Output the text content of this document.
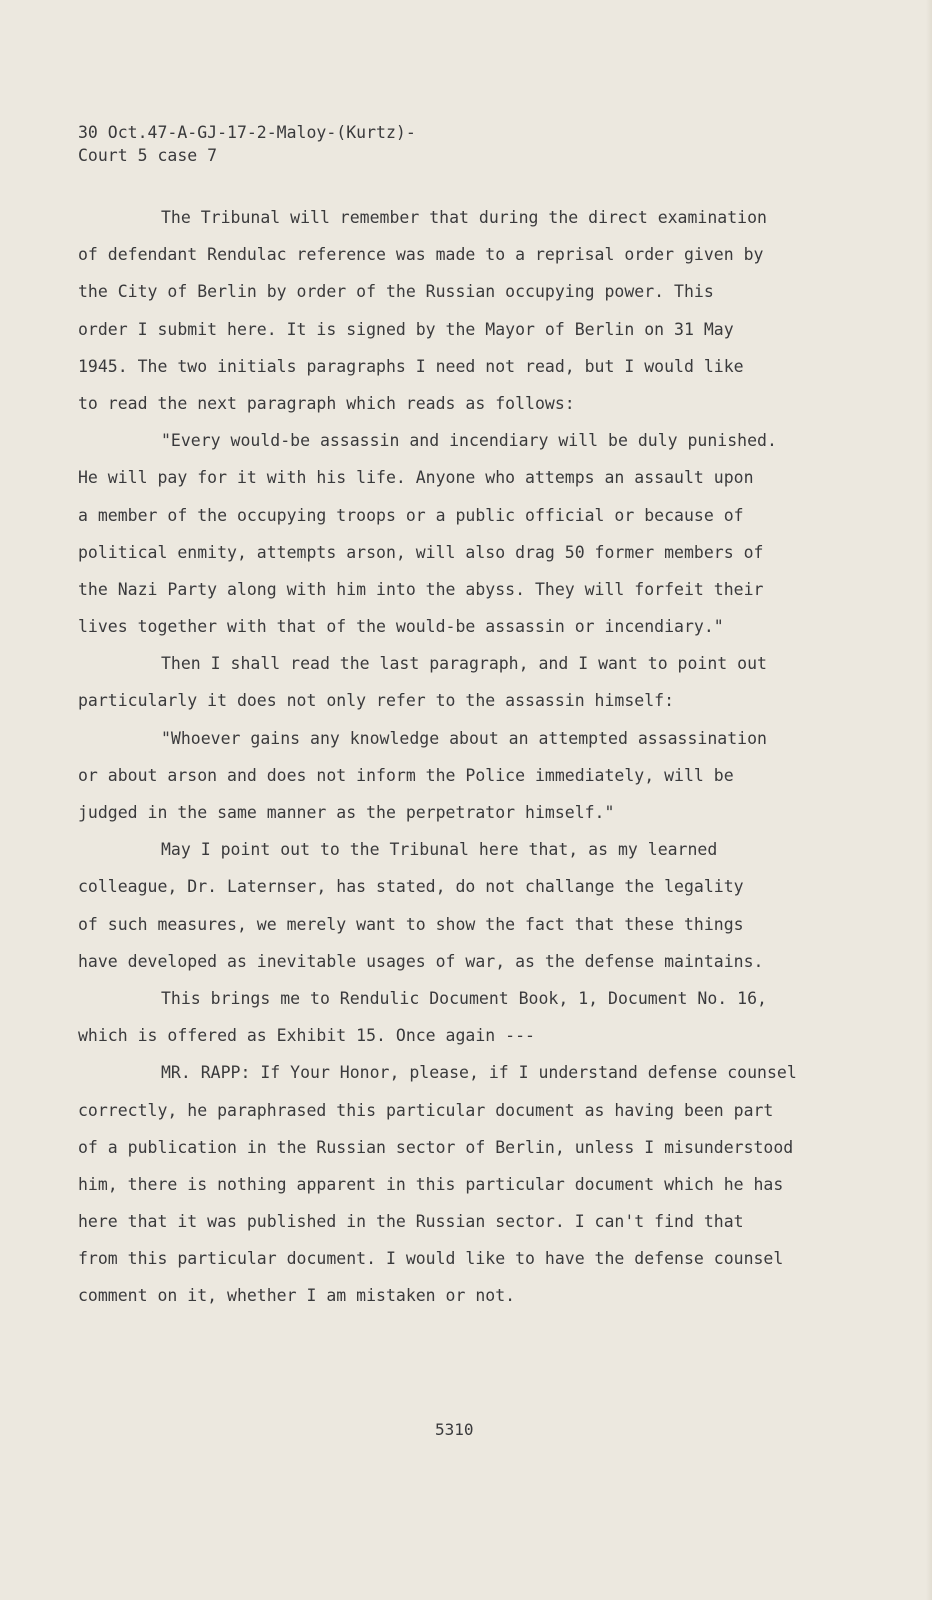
30 Oct.47-A-GJ-17-2-Maloy-(Kurtz)-
Court 5 case 7
The Tribunal will remember that during the direct examination
of defendant Rendulac reference was made to a reprisal order given by
the City of Berlin by order of the Russian occupying power. This
order I submit here. It is signed by the Mayor of Berlin on 31 May
1945. The two initials paragraphs I need not read, but I would like
to read the next paragraph which reads as follows:
"Every would-be assassin and incendiary will be duly punished.
He will pay for it with his life. Anyone who attemps an assault upon
a member of the occupying troops or a public official or because of
political enmity, attempts arson, will also drag 50 former members of
the Nazi Party along with him into the abyss. They will forfeit their
lives together with that of the would-be assassin or incendiary."
Then I shall read the last paragraph, and I want to point out
particularly it does not only refer to the assassin himself:
"Whoever gains any knowledge about an attempted assassination
or about arson and does not inform the Police immediately, will be
judged in the same manner as the perpetrator himself."
May I point out to the Tribunal here that, as my learned
colleague, Dr. Laternser, has stated, do not challange the legality
of such measures, we merely want to show the fact that these things
have developed as inevitable usages of war, as the defense maintains.
This brings me to Rendulic Document Book, 1, Document No. 16,
which is offered as Exhibit 15. Once again ---
MR. RAPP: If Your Honor, please, if I understand defense counsel
correctly, he paraphrased this particular document as having been part
of a publication in the Russian sector of Berlin, unless I misunderstood
him, there is nothing apparent in this particular document which he has
here that it was published in the Russian sector. I can't find that
from this particular document. I would like to have the defense counsel
comment on it, whether I am mistaken or not.
5310
